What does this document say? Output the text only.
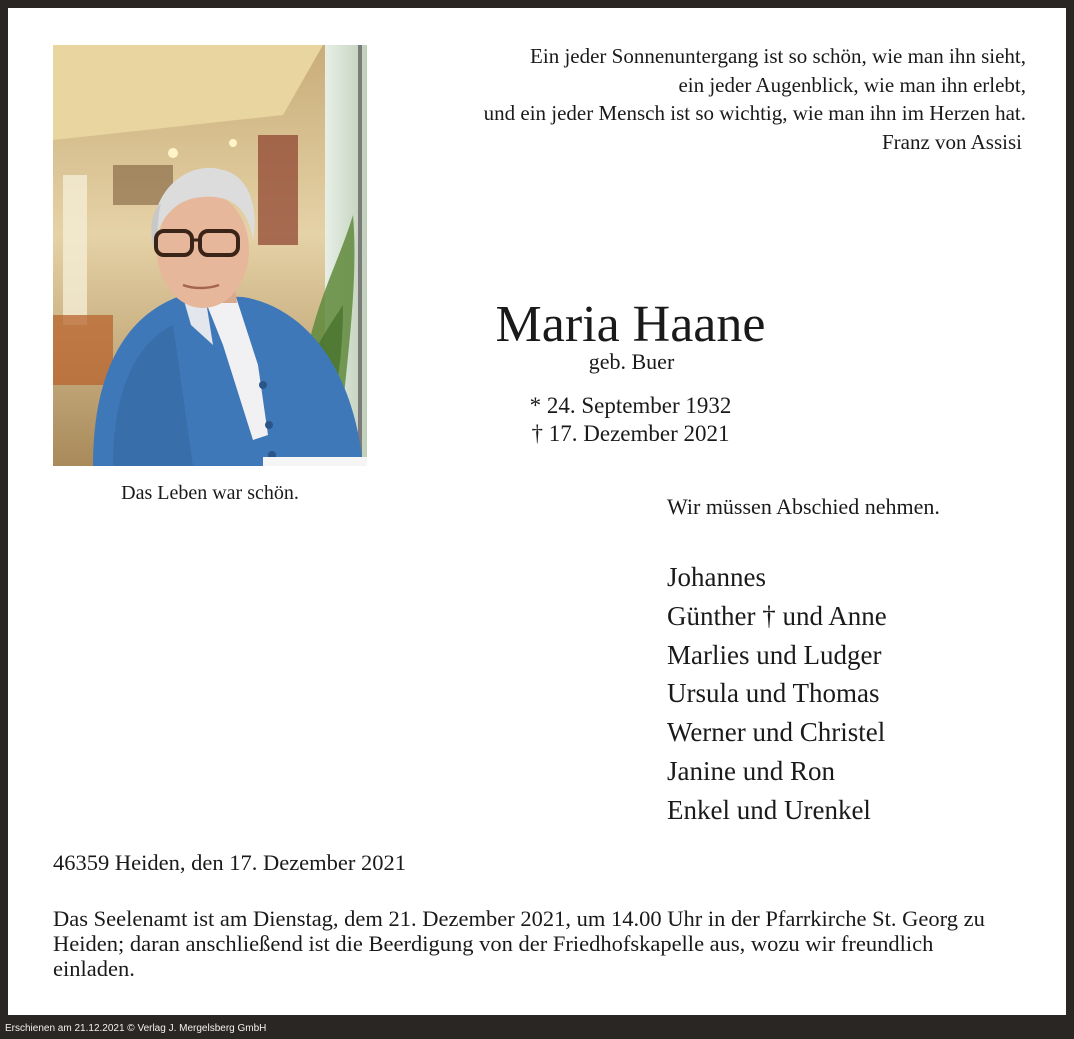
Ein jeder Sonnenuntergang ist so schön, wie man ihn sieht,
ein jeder Augenblick, wie man ihn erlebt,
und ein jeder Mensch ist so wichtig, wie man ihn im Herzen hat.
Franz von Assisi
Das Leben war schön.
Maria Haane
geb. Buer
* 24. September 1932
† 17. Dezember 2021
Wir müssen Abschied nehmen.
Johannes
Günther † und Anne
Marlies und Ludger
Ursula und Thomas
Werner und Christel
Janine und Ron
Enkel und Urenkel
46359 Heiden, den 17. Dezember 2021
Das Seelenamt ist am Dienstag, dem 21. Dezember 2021, um 14.00 Uhr in der Pfarrkirche St. Georg zu Heiden; daran anschließend ist die Beerdigung von der Friedhofskapelle aus, wozu wir freundlich einladen.
Erschienen am 21.12.2021 © Verlag J. Mergelsberg GmbH
